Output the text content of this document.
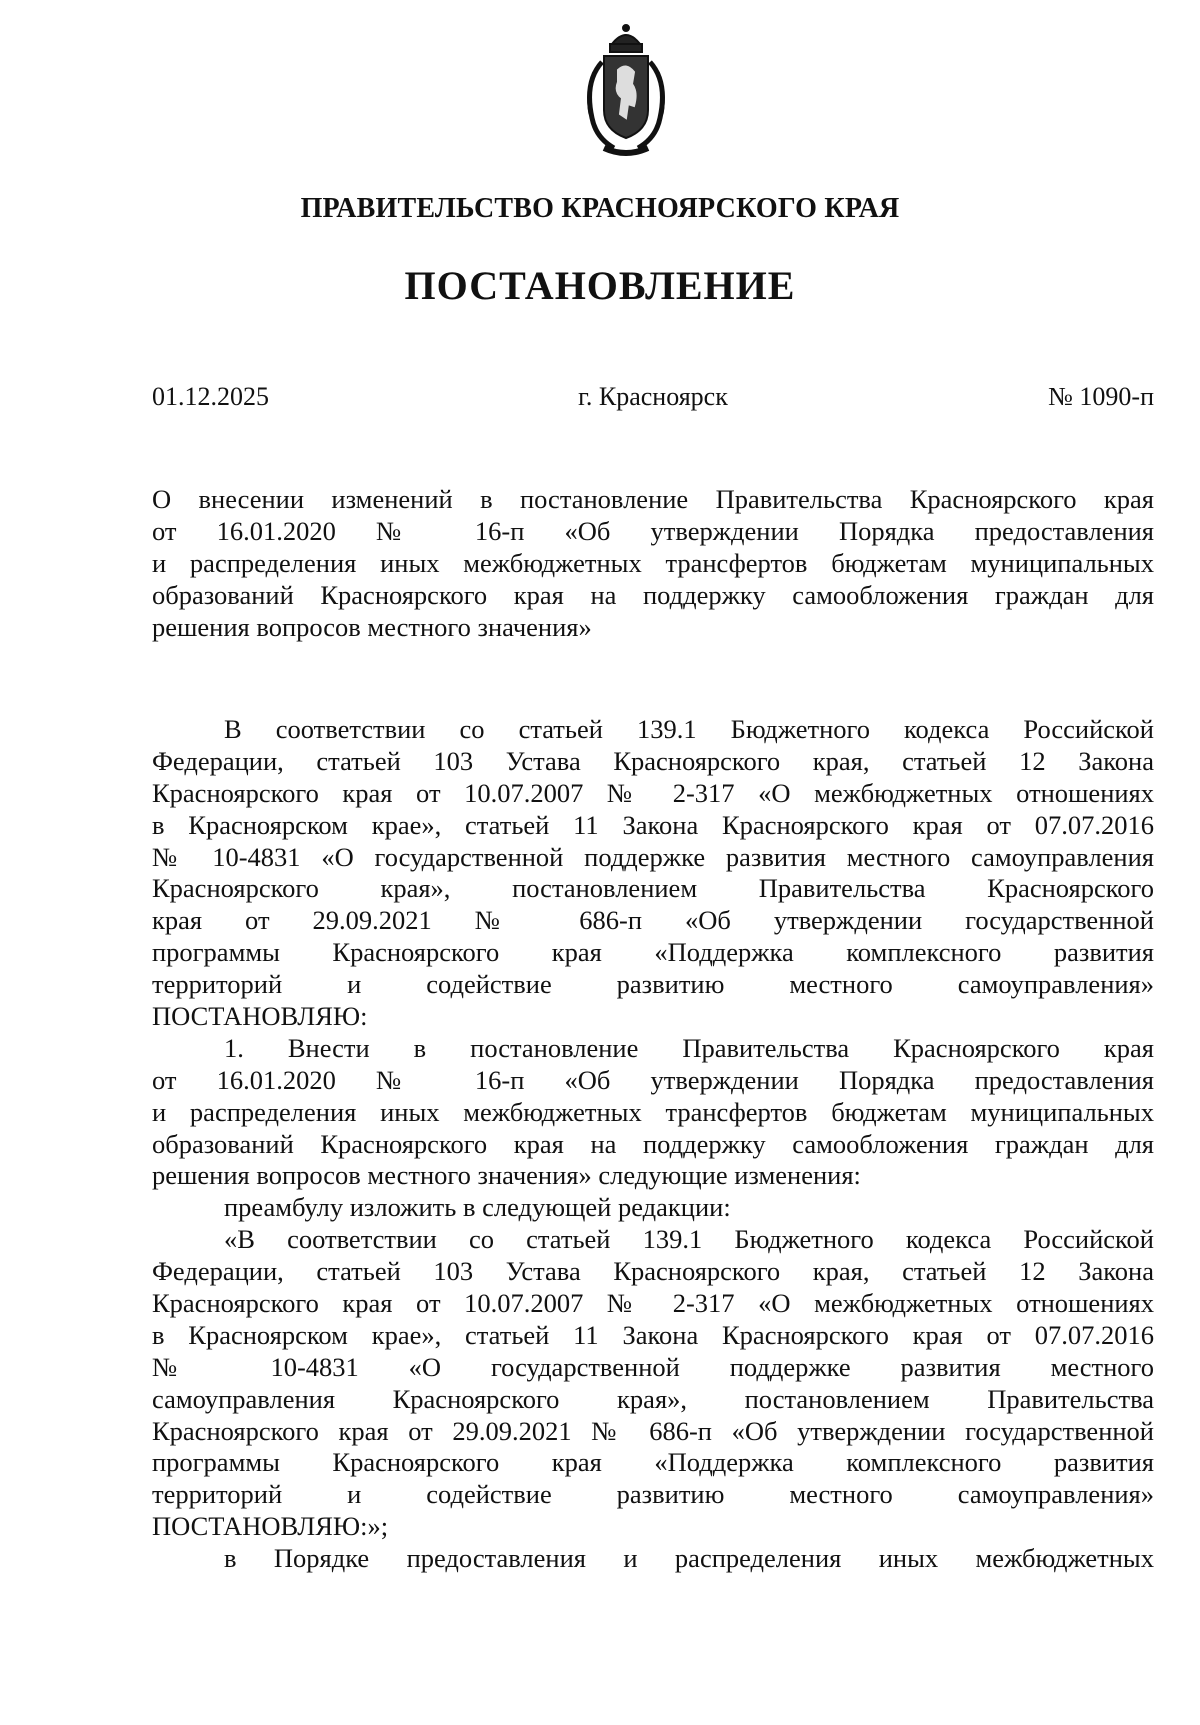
ПРАВИТЕЛЬСТВО КРАСНОЯРСКОГО КРАЯ
ПОСТАНОВЛЕНИЕ
01.12.2025	г. Красноярск	№ 1090-п
О внесении изменений в постановление Правительства Красноярского края
от 16.01.2020 № 16-п «Об утверждении Порядка предоставления
и распределения иных межбюджетных трансфертов бюджетам муниципальных
образований Красноярского края на поддержку самообложения граждан для
решения вопросов местного значения»
В соответствии со статьей 139.1 Бюджетного кодекса Российской
Федерации, статьей 103 Устава Красноярского края, статьей 12 Закона
Красноярского края от 10.07.2007 № 2-317 «О межбюджетных отношениях
в Красноярском крае», статьей 11 Закона Красноярского края от 07.07.2016
№ 10-4831 «О государственной поддержке развития местного самоуправления
Красноярского края», постановлением Правительства Красноярского
края от 29.09.2021 № 686-п «Об утверждении государственной
программы Красноярского края «Поддержка комплексного развития
территорий и содействие развитию местного самоуправления»
ПОСТАНОВЛЯЮ:
1. Внести в постановление Правительства Красноярского края
от 16.01.2020 № 16-п «Об утверждении Порядка предоставления
и распределения иных межбюджетных трансфертов бюджетам муниципальных
образований Красноярского края на поддержку самообложения граждан для
решения вопросов местного значения» следующие изменения:
преамбулу изложить в следующей редакции:
«В соответствии со статьей 139.1 Бюджетного кодекса Российской
Федерации, статьей 103 Устава Красноярского края, статьей 12 Закона
Красноярского края от 10.07.2007 № 2-317 «О межбюджетных отношениях
в Красноярском крае», статьей 11 Закона Красноярского края от 07.07.2016
№ 10-4831 «О государственной поддержке развития местного
самоуправления Красноярского края», постановлением Правительства
Красноярского края от 29.09.2021 № 686-п «Об утверждении государственной
программы Красноярского края «Поддержка комплексного развития
территорий и содействие развитию местного самоуправления»
ПОСТАНОВЛЯЮ:»;
в Порядке предоставления и распределения иных межбюджетных
